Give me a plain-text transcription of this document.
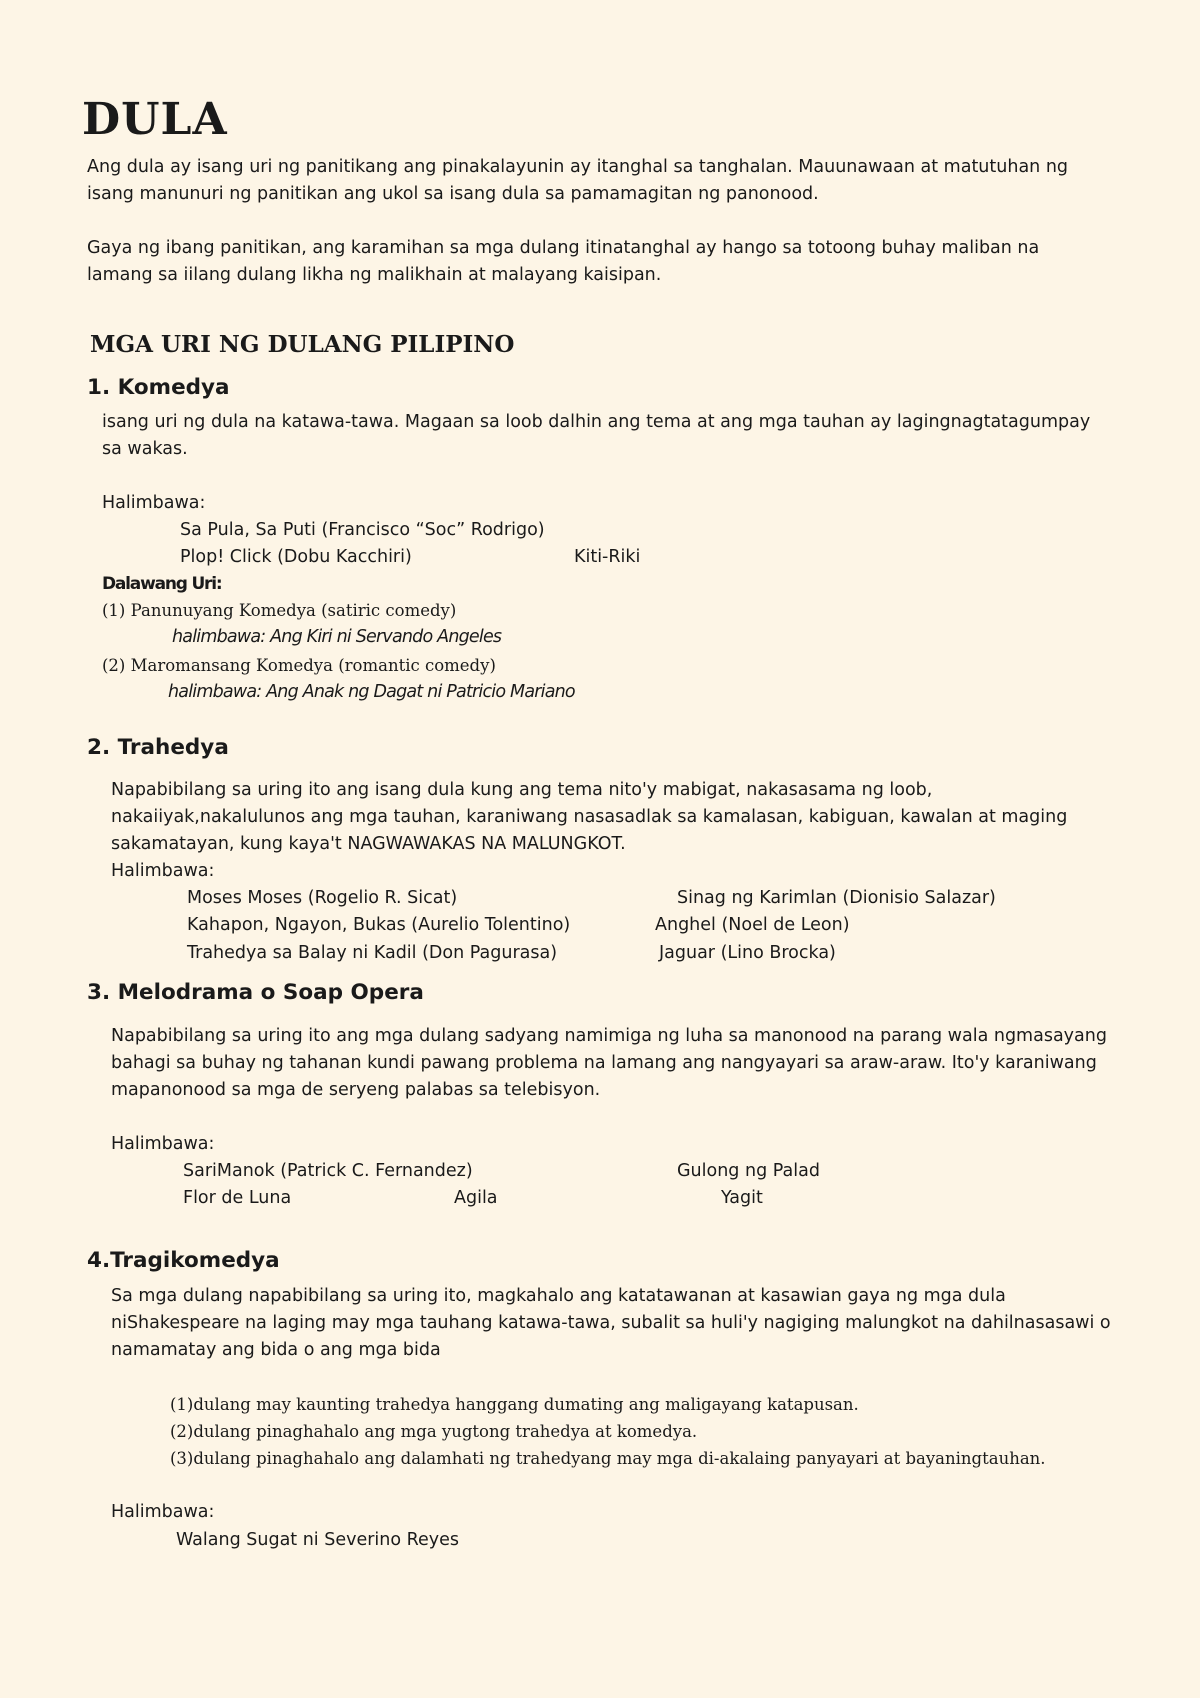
DULA
Ang dula ay isang uri ng panitikang ang pinakalayunin ay itanghal sa tanghalan. Mauunawaan at matutuhan ng isang manunuri ng panitikan ang ukol sa isang dula sa pamamagitan ng panonood.
Gaya ng ibang panitikan, ang karamihan sa mga dulang itinatanghal ay hango sa totoong buhay maliban na lamang sa iilang dulang likha ng malikhain at malayang kaisipan.
MGA URI NG DULANG PILIPINO
1. Komedya
isang uri ng dula na katawa-tawa. Magaan sa loob dalhin ang tema at ang mga tauhan ay lagingnagtatagumpay sa wakas.
Halimbawa:
Sa Pula, Sa Puti (Francisco “Soc” Rodrigo)
Plop! Click (Dobu Kacchiri)	Kiti-Riki
Dalawang Uri:
(1) Panunuyang Komedya (satiric comedy)
halimbawa: Ang Kiri ni Servando Angeles
(2) Maromansang Komedya (romantic comedy)
halimbawa: Ang Anak ng Dagat ni Patricio Mariano
2. Trahedya
Napabibilang sa uring ito ang isang dula kung ang tema nito'y mabigat, nakasasama ng loob, nakaiiyak,nakalulunos ang mga tauhan, karaniwang nasasadlak sa kamalasan, kabiguan, kawalan at maging sakamatayan, kung kaya't NAGWAWAKAS NA MALUNGKOT.
Halimbawa:
Moses Moses (Rogelio R. Sicat)	Sinag ng Karimlan (Dionisio Salazar)
Kahapon, Ngayon, Bukas (Aurelio Tolentino)	Anghel (Noel de Leon)
Trahedya sa Balay ni Kadil (Don Pagurasa)	Jaguar (Lino Brocka)
3. Melodrama o Soap Opera
Napabibilang sa uring ito ang mga dulang sadyang namimiga ng luha sa manonood na parang wala ngmasayang bahagi sa buhay ng tahanan kundi pawang problema na lamang ang nangyayari sa araw-araw. Ito'y karaniwang mapanonood sa mga de seryeng palabas sa telebisyon.
Halimbawa:
SariManok (Patrick C. Fernandez)	Gulong ng Palad
Flor de Luna	Agila	Yagit
4.Tragikomedya
Sa mga dulang napabibilang sa uring ito, magkahalo ang katatawanan at kasawian gaya ng mga dula niShakespeare na laging may mga tauhang katawa-tawa, subalit sa huli'y nagiging malungkot na dahilnasasawi o namamatay ang bida o ang mga bida
(1)dulang may kaunting trahedya hanggang dumating ang maligayang katapusan.
(2)dulang pinaghahalo ang mga yugtong trahedya at komedya.
(3)dulang pinaghahalo ang dalamhati ng trahedyang may mga di-akalaing panyayari at bayaningtauhan.
Halimbawa:
Walang Sugat ni Severino Reyes
